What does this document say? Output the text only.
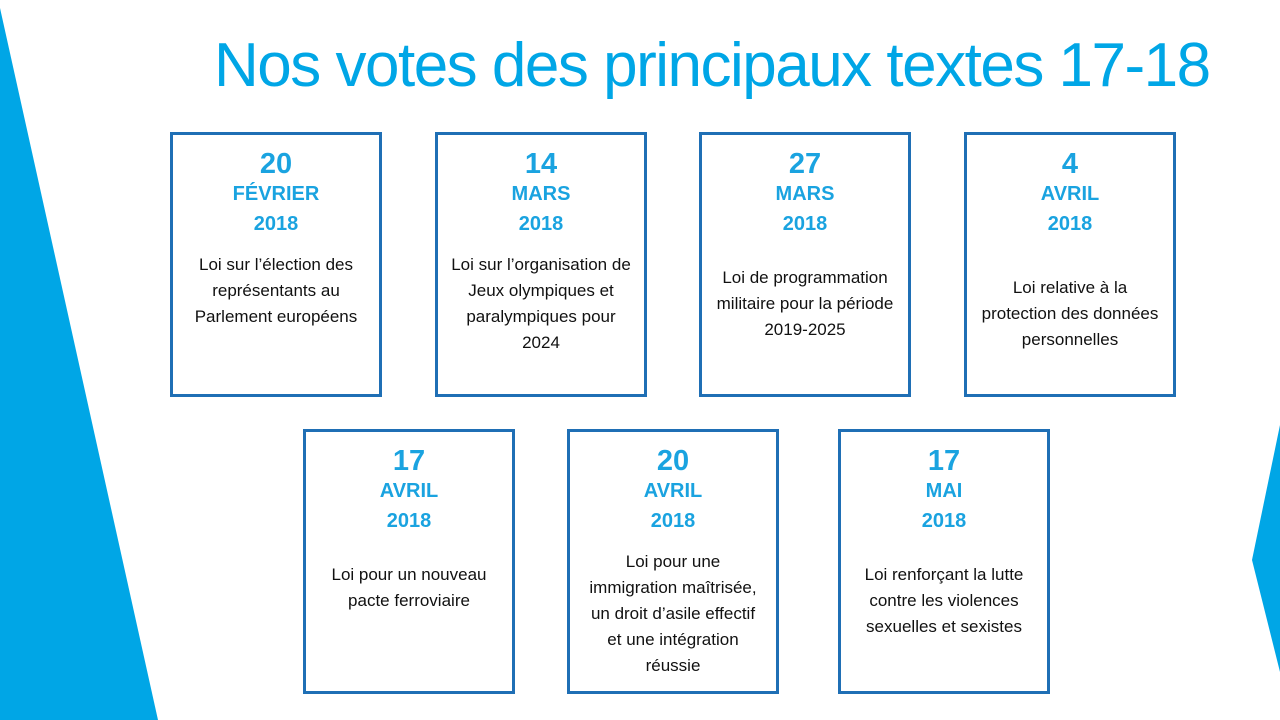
Nos votes des principaux textes 17-18
20
FÉVRIER
2018
Loi sur l’élection des représentants au Parlement européens
14
MARS
2018
Loi sur l’organisation de Jeux olympiques et paralympiques pour 2024
27
MARS
2018
Loi de programmation militaire pour la période 2019-2025
4
AVRIL
2018
Loi relative à la protection des données personnelles
17
AVRIL
2018
Loi pour un nouveau pacte ferroviaire
20
AVRIL
2018
Loi pour une immigration maîtrisée, un droit d’asile effectif et une intégration réussie
17
MAI
2018
Loi renforçant la lutte contre les violences sexuelles et sexistes
